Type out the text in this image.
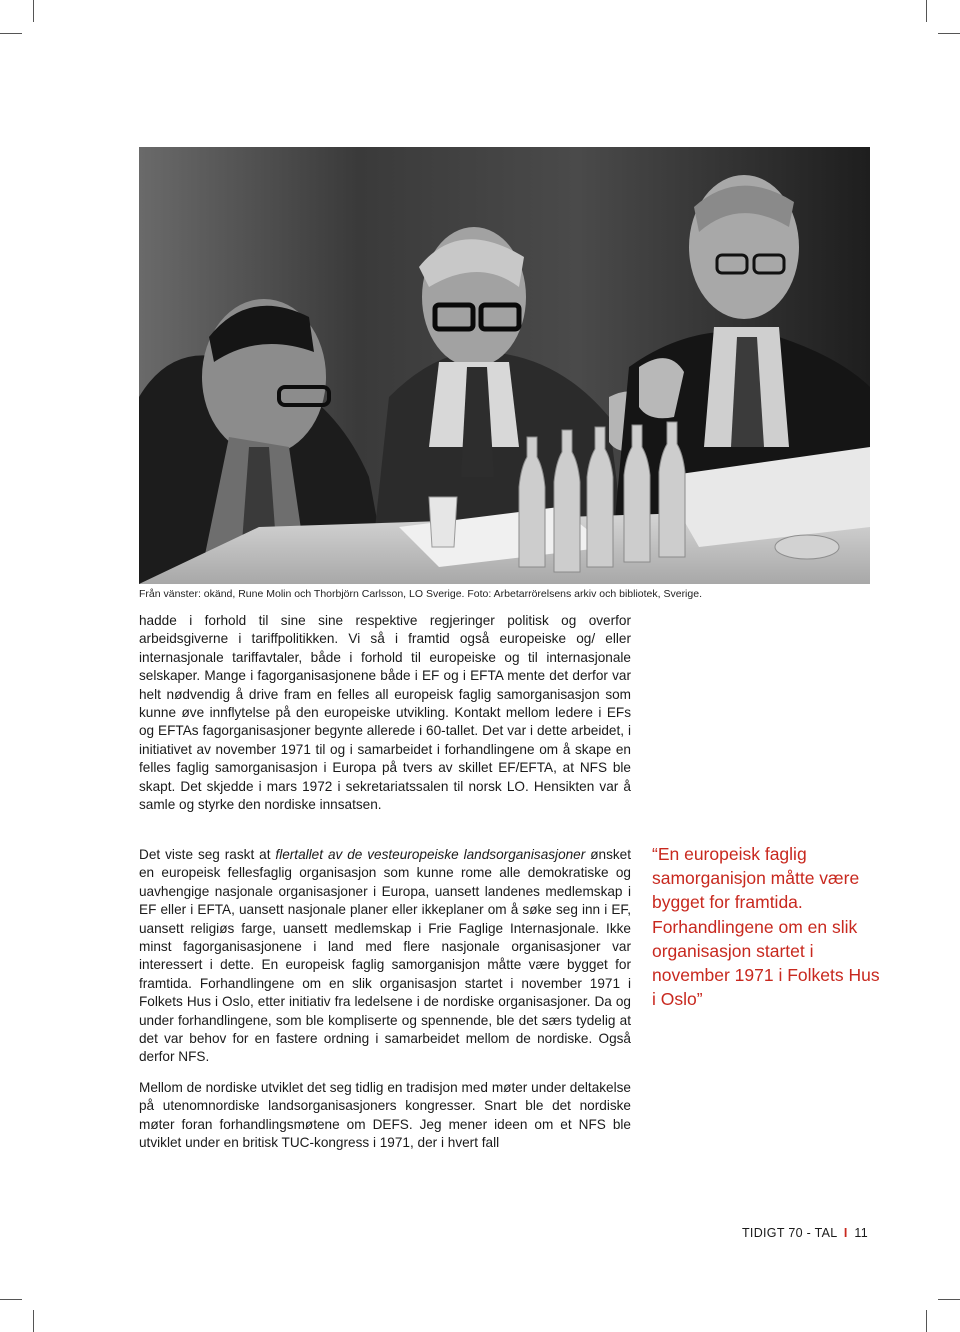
Från vänster: okänd, Rune Molin och Thorbjörn Carlsson, LO Sverige. Foto: Arbetarrörelsens arkiv och bibliotek, Sverige.

hadde i forhold til sine sine respektive regjeringer politisk og overfor arbeidsgiverne i tariffpolitikken. Vi så i framtid også europeiske og/ eller internasjonale tariffavtaler, både i forhold til europeiske og til internasjonale selskaper. Mange i fagorganisasjonene både i EF og i EFTA mente det derfor var helt nødvendig å drive fram en felles all europeisk faglig samorganisasjon som kunne øve innflytelse på den europeiske utvikling. Kontakt mellom ledere i EFs og EFTAs fagorganisasjoner begynte allerede i 60-tallet. Det var i dette arbeidet, i initiativet av november 1971 til og i samarbeidet i forhandlingene om å skape en felles faglig samorganisasjon i Europa på tvers av skillet EF/EFTA, at NFS ble skapt. Det skjedde i mars 1972 i sekretariatssalen til norsk LO. Hensikten var å samle og styrke den nordiske innsatsen.

Det viste seg raskt at flertallet av de vesteuropeiske landsorganisasjoner ønsket en europeisk fellesfaglig organisasjon som kunne rome alle demokratiske og uavhengige nasjonale organisasjoner i Europa, uansett landenes medlemskap i EF eller i EFTA, uansett nasjonale planer eller ikkeplaner om å søke seg inn i EF, uansett religiøs farge, uansett medlemskap i Frie Faglige Internasjonale. Ikke minst fagorganisasjonene i land med flere nasjonale organisasjoner var interessert i dette. En europeisk faglig samorganisjon måtte være bygget for framtida. Forhandlingene om en slik organisasjon startet i november 1971 i Folkets Hus i Oslo, etter initiativ fra ledelsene i de nordiske organisasjoner. Da og under forhandlingene, som ble kompliserte og spennende, ble det særs tydelig at det var behov for en fastere ordning i samarbeidet mellom de nordiske. Også derfor NFS.

Mellom de nordiske utviklet det seg tidlig en tradisjon med møter under deltakelse på utenomnordiske landsorganisasjoners kongresser. Snart ble det nordiske møter foran forhandlingsmøtene om DEFS. Jeg mener ideen om et NFS ble utviklet under en britisk TUC-kongress i 1971, der i hvert fall

“En europeisk faglig samorganisjon måtte være bygget for framtida. Forhandlingene om en slik organisasjon startet i november 1971 i Folkets Hus i Oslo”

TIDIGT 70 - TAL I 11
